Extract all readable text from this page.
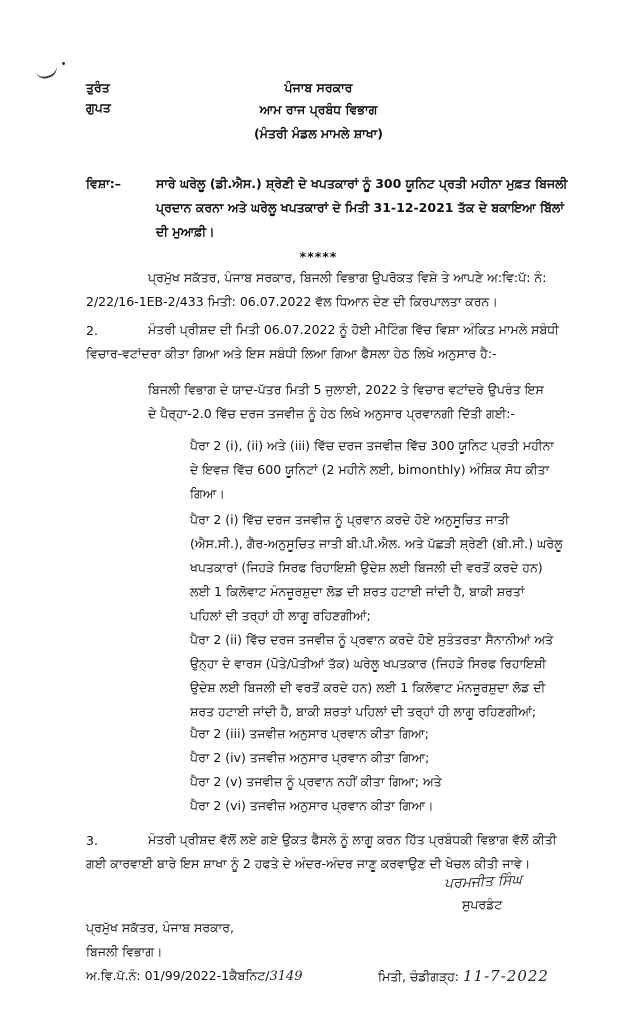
ਤੁਰੰਤ
ਗੁਪਤ
ਪੰਜਾਬ ਸਰਕਾਰ
ਆਮ ਰਾਜ ਪ੍ਰਬੰਧ ਵਿਭਾਗ
(ਮੰਤਰੀ ਮੰਡਲ ਮਾਮਲੇ ਸ਼ਾਖਾ)
ਵਿਸ਼ਾ:–	ਸਾਰੇ ਘਰੇਲੂ (ਡੀ.ਐਸ.) ਸ਼੍ਰੇਣੀ ਦੇ ਖਪਤਕਾਰਾਂ ਨੂੰ 300 ਯੂਨਿਟ ਪ੍ਰਤੀ ਮਹੀਨਾ ਮੁਫ਼ਤ ਬਿਜਲੀ
ਪ੍ਰਦਾਨ ਕਰਨਾ ਅਤੇ ਘਰੇਲੂ ਖਪਤਕਾਰਾਂ ਦੇ ਮਿਤੀ 31-12-2021 ਤੱਕ ਦੇ ਬਕਾਇਆ ਬਿੱਲਾਂ
ਦੀ ਮੁਆਫ਼ੀ।
*****
ਪ੍ਰਮੁੱਖ ਸਕੱਤਰ, ਪੰਜਾਬ ਸਰਕਾਰ, ਬਿਜਲੀ ਵਿਭਾਗ ਉਪਰੋਕਤ ਵਿਸ਼ੇ ਤੇ ਆਪਣੇ ਅ:ਵਿ:ਪੱ: ਨੰ:
2/22/16-1EB-2/433 ਮਿਤੀ: 06.07.2022 ਵੱਲ ਧਿਆਨ ਦੇਣ ਦੀ ਕਿਰਪਾਲਤਾ ਕਰਨ।
2.	ਮੰਤਰੀ ਪ੍ਰੀਸ਼ਦ ਦੀ ਮਿਤੀ 06.07.2022 ਨੂੰ ਹੋਈ ਮੀਟਿੰਗ ਵਿੱਚ ਵਿਸ਼ਾ ਅੰਕਿਤ ਮਾਮਲੇ ਸਬੰਧੀ
ਵਿਚਾਰ-ਵਟਾਂਦਰਾ ਕੀਤਾ ਗਿਆ ਅਤੇ ਇਸ ਸਬੰਧੀ ਲਿਆ ਗਿਆ ਫੈਸਲਾ ਹੇਠ ਲਿਖੇ ਅਨੁਸਾਰ ਹੈ:-
ਬਿਜਲੀ ਵਿਭਾਗ ਦੇ ਯਾਦ-ਪੱਤਰ ਮਿਤੀ 5 ਜੁਲਾਈ, 2022 ਤੇ ਵਿਚਾਰ ਵਟਾਂਦਰੇ ਉਪਰੰਤ ਇਸ
ਦੇ ਪੈਰ੍ਹਾ-2.0 ਵਿੱਚ ਦਰਜ ਤਜਵੀਜ਼ ਨੂੰ ਹੇਠ ਲਿਖੇ ਅਨੁਸਾਰ ਪ੍ਰਵਾਨਗੀ ਦਿੱਤੀ ਗਈ:-
ਪੈਰਾ 2 (i), (ii) ਅਤੇ (iii) ਵਿੱਚ ਦਰਜ ਤਜਵੀਜ਼ ਵਿੱਚ 300 ਯੂਨਿਟ ਪ੍ਰਤੀ ਮਹੀਨਾ
ਦੇ ਇਵਜ਼ ਵਿੱਚ 600 ਯੂਨਿਟਾਂ (2 ਮਹੀਨੇ ਲਈ, bimonthly) ਅੰਸ਼ਿਕ ਸੋਧ ਕੀਤਾ
ਗਿਆ।
ਪੈਰਾ 2 (i) ਵਿੱਚ ਦਰਜ ਤਜਵੀਜ਼ ਨੂੰ ਪ੍ਰਵਾਨ ਕਰਦੇ ਹੋਏ ਅਨੁਸੂਚਿਤ ਜਾਤੀ
(ਐਸ.ਸੀ.), ਗੈਰ-ਅਨੁਸੂਚਿਤ ਜਾਤੀ ਬੀ.ਪੀ.ਐਲ. ਅਤੇ ਪੱਛੜੀ ਸ਼੍ਰੇਣੀ (ਬੀ.ਸੀ.) ਘਰੇਲੂ
ਖਪਤਕਾਰਾਂ (ਜਿਹੜੇ ਸਿਰਫ ਰਿਹਾਇਸ਼ੀ ਉਦੇਸ਼ ਲਈ ਬਿਜਲੀ ਦੀ ਵਰਤੋਂ ਕਰਦੇ ਹਨ)
ਲਈ 1 ਕਿਲੋਵਾਟ ਮੰਨਜ਼ੂਰਸ਼ੁਦਾ ਲੋਡ ਦੀ ਸ਼ਰਤ ਹਟਾਈ ਜਾਂਦੀ ਹੈ, ਬਾਕੀ ਸ਼ਰਤਾਂ
ਪਹਿਲਾਂ ਦੀ ਤਰ੍ਹਾਂ ਹੀ ਲਾਗੂ ਰਹਿਣਗੀਆਂ;
ਪੈਰਾ 2 (ii) ਵਿੱਚ ਦਰਜ ਤਜਵੀਜ਼ ਨੂੰ ਪ੍ਰਵਾਨ ਕਰਦੇ ਹੋਏ ਸੁਤੰਤਰਤਾ ਸੈਨਾਨੀਆਂ ਅਤੇ
ਉਨ੍ਹਾ ਦੇ ਵਾਰਸ (ਪੋਤੇ/ਪੋਤੀਆਂ ਤੱਕ) ਘਰੇਲੂ ਖਪਤਕਾਰ (ਜਿਹੜੇ ਸਿਰਫ ਰਿਹਾਇਸ਼ੀ
ਉਦੇਸ਼ ਲਈ ਬਿਜਲੀ ਦੀ ਵਰਤੋਂ ਕਰਦੇ ਹਨ) ਲਈ 1 ਕਿਲੋਵਾਟ ਮੰਨਜ਼ੂਰਸ਼ੁਦਾ ਲੋਡ ਦੀ
ਸ਼ਰਤ ਹਟਾਈ ਜਾਂਦੀ ਹੈ, ਬਾਕੀ ਸ਼ਰਤਾਂ ਪਹਿਲਾਂ ਦੀ ਤਰ੍ਹਾਂ ਹੀ ਲਾਗੂ ਰਹਿਣਗੀਆਂ;
ਪੈਰਾ 2 (iii) ਤਜਵੀਜ਼ ਅਨੁਸਾਰ ਪ੍ਰਵਾਨ ਕੀਤਾ ਗਿਆ;
ਪੈਰਾ 2 (iv) ਤਜਵੀਜ਼ ਅਨੁਸਾਰ ਪ੍ਰਵਾਨ ਕੀਤਾ ਗਿਆ;
ਪੈਰਾ 2 (v) ਤਜਵੀਜ਼ ਨੂੰ ਪ੍ਰਵਾਨ ਨਹੀਂ ਕੀਤਾ ਗਿਆ; ਅਤੇ
ਪੈਰਾ 2 (vi) ਤਜਵੀਜ਼ ਅਨੁਸਾਰ ਪ੍ਰਵਾਨ ਕੀਤਾ ਗਿਆ।
3.	ਮੰਤਰੀ ਪ੍ਰੀਸ਼ਦ ਵੱਲੋਂ ਲਏ ਗਏ ਉਕਤ ਫੈਸਲੇ ਨੂੰ ਲਾਗੂ ਕਰਨ ਹਿੱਤ ਪ੍ਰਬੰਧਕੀ ਵਿਭਾਗ ਵੱਲੋਂ ਕੀਤੀ
ਗਈ ਕਾਰਵਾਈ ਬਾਰੇ ਇਸ ਸ਼ਾਖਾ ਨੂੰ 2 ਹਫਤੇ ਦੇ ਅੰਦਰ-ਅੰਦਰ ਜਾਣੂ ਕਰਵਾਉਣ ਦੀ ਖੇਚਲ ਕੀਤੀ ਜਾਵੇ।
ਪਰਮਜੀਤ ਸਿੰਘ
ਸੁਪਰਡੰਟ
ਪ੍ਰਮੁੱਖ ਸਕੱਤਰ, ਪੰਜਾਬ ਸਰਕਾਰ,
ਬਿਜਲੀ ਵਿਭਾਗ।
ਅ.ਵਿ.ਪੱ.ਨੰ: 01/99/2022-1ਕੈਬਨਿਟ/3149	ਮਿਤੀ, ਚੰਡੀਗੜ੍ਹ: 11-7-2022
